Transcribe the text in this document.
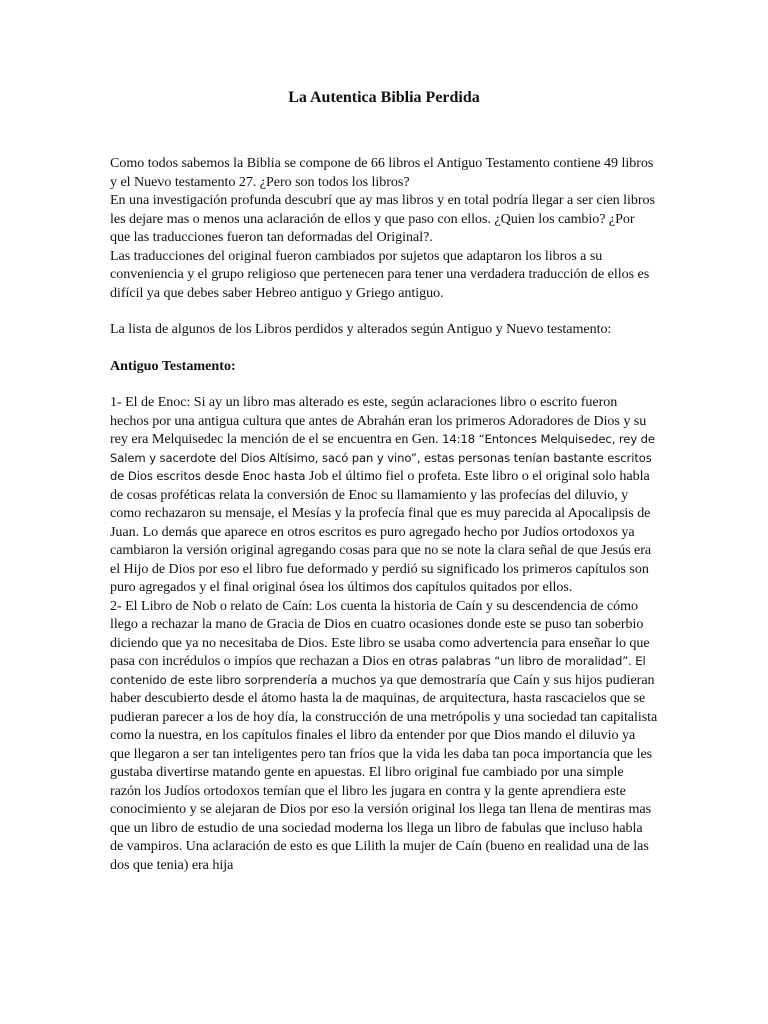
La Autentica Biblia Perdida

Como todos sabemos la Biblia se compone de 66 libros el Antiguo Testamento contiene 49 libros y el Nuevo testamento 27. ¿Pero son todos los libros?

En una investigación profunda descubrí que ay mas libros y en total podría llegar a ser cien libros les dejare mas o menos una aclaración de ellos y que paso con ellos. ¿Quien los cambio? ¿Por que las traducciones fueron tan deformadas del Original?.

Las traducciones del original fueron cambiados por sujetos que adaptaron los libros a su conveniencia y el grupo religioso que pertenecen para tener una verdadera traducción de ellos es difícil ya que debes saber Hebreo antiguo y Griego antiguo.

La lista de algunos de los Libros perdidos y alterados según Antiguo y Nuevo testamento:

Antiguo Testamento:

1- El de Enoc: Si ay un libro mas alterado es este, según aclaraciones libro o escrito fueron hechos por una antigua cultura que antes de Abrahán eran los primeros Adoradores de Dios y su rey era Melquisedec la mención de el se encuentra en Gen. 14:18 “Entonces Melquisedec, rey de Salem y sacerdote del Dios Altísimo, sacó pan y vino”, estas personas tenían bastante escritos de Dios escritos desde Enoc hasta Job el último fiel o profeta. Este libro o el original solo habla de cosas proféticas relata la conversión de Enoc su llamamiento y las profecías del diluvio, y como rechazaron su mensaje, el Mesías y la profecía final que es muy parecida al Apocalipsis de Juan. Lo demás que aparece en otros escritos es puro agregado hecho por Judíos ortodoxos ya cambiaron la versión original agregando cosas para que no se note la clara señal de que Jesús era el Hijo de Dios por eso el libro fue deformado y perdió su significado los primeros capítulos son puro agregados y el final original ósea los últimos dos capítulos quitados por ellos.

2- El Libro de Nob o relato de Caín: Los cuenta la historia de Caín y su descendencia de cómo llego a rechazar la mano de Gracia de Dios en cuatro ocasiones donde este se puso tan soberbio diciendo que ya no necesitaba de Dios. Este libro se usaba como advertencia para enseñar lo que pasa con incrédulos o impíos que rechazan a Dios en otras palabras “un libro de moralidad”. El contenido de este libro sorprendería a muchos ya que demostraría que Caín y sus hijos pudieran haber descubierto desde el átomo hasta la de maquinas, de arquitectura, hasta rascacielos que se pudieran parecer a los de hoy día, la construcción de una metrópolis y una sociedad tan capitalista como la nuestra, en los capítulos finales el libro da entender por que Dios mando el diluvio ya que llegaron a ser tan inteligentes pero tan fríos que la vida les daba tan poca importancia que les gustaba divertirse matando gente en apuestas. El libro original fue cambiado por una simple razón los Judíos ortodoxos temían que el libro les jugara en contra y la gente aprendiera este conocimiento y se alejaran de Dios por eso la versión original los llega tan llena de mentiras mas que un libro de estudio de una sociedad moderna los llega un libro de fabulas que incluso habla de vampiros. Una aclaración de esto es que Lilith la mujer de Caín (bueno en realidad una de las dos que tenia) era hija
